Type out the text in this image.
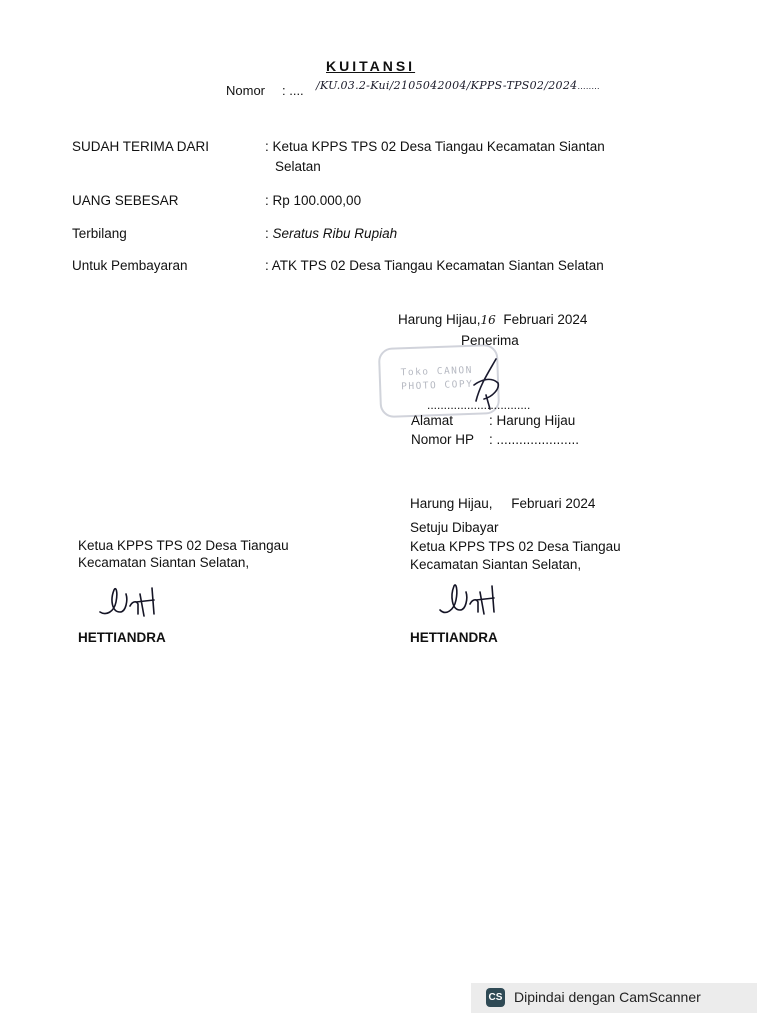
KUITANSI
Nomor : .... /KU.03.2-Kui/2105042004/KPPS-TPS02/2024........
SUDAH TERIMA DARI	: Ketua KPPS TPS 02 Desa Tiangau Kecamatan Siantan
Selatan
UANG SEBESAR	: Rp 100.000,00
Terbilang	: Seratus Ribu Rupiah
Untuk Pembayaran	: ATK TPS 02 Desa Tiangau Kecamatan Siantan Selatan
Harung Hijau,16 Februari 2024
Penerima
Toko CANON
PHOTO COPY
...............................
Alamat	: Harung Hijau
Nomor HP : ......................
Ketua KPPS TPS 02 Desa Tiangau
Kecamatan Siantan Selatan,
HETTIANDRA
Harung Hijau,     Februari 2024
Setuju Dibayar
Ketua KPPS TPS 02 Desa Tiangau
Kecamatan Siantan Selatan,
HETTIANDRA
CS Dipindai dengan CamScanner
